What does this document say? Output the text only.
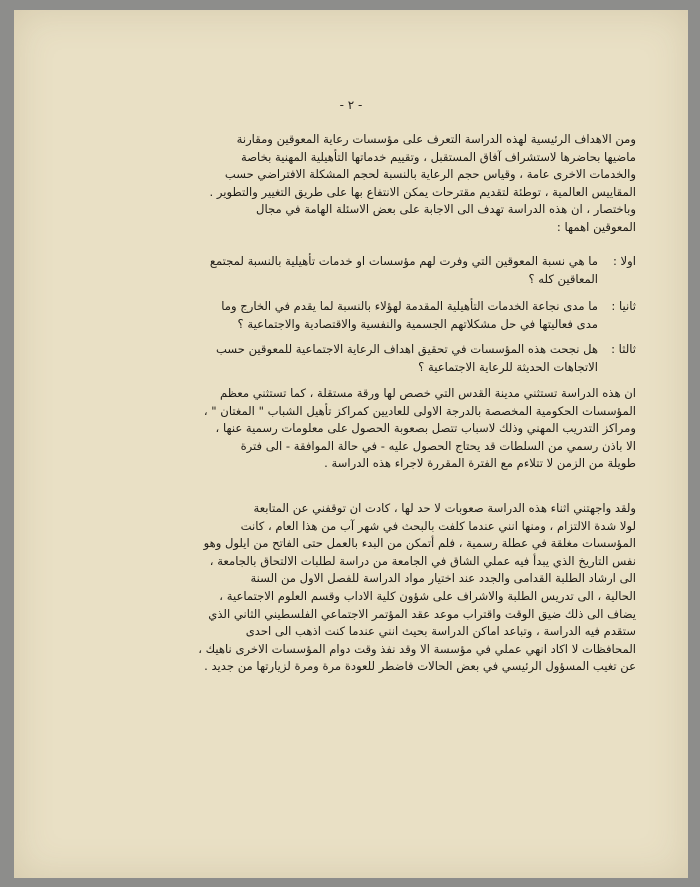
- ٢ -
ومن الاهداف الرئيسية لهذه الدراسة التعرف على مؤسسات رعاية المعوقين ومقارنة
ماضيها بحاضرها لاستشراف آفاق المستقبل ، وتقييم خدماتها التأهيلية المهنية بخاصة
والخدمات الاخرى عامة ، وقياس حجم الرعاية بالنسبة لحجم المشكلة الافتراضي حسب
المقاييس العالمية ، توطئة لتقديم مقترحات يمكن الانتفاع بها على طريق التغيير والتطوير .
وباختصار ، ان هذه الدراسة تهدف الى الاجابة على بعض الاسئلة الهامة في مجال
المعوقين اهمها :
اولا :
ما هي نسبة المعوقين التي وفرت لهم مؤسسات او خدمات تأهيلية بالنسبة لمجتمع
المعاقين كله ؟
ثانيا :
ما مدى نجاعة الخدمات التأهيلية المقدمة لهؤلاء بالنسبة لما يقدم في الخارج وما
مدى فعاليتها في حل مشكلاتهم الجسمية والنفسية والاقتصادية والاجتماعية ؟
ثالثا :
هل نجحت هذه المؤسسات في تحقيق اهداف الرعاية الاجتماعية للمعوقين حسب
الاتجاهات الحديثة للرعاية الاجتماعية ؟
ان هذه الدراسة تستثني مدينة القدس التي خصص لها ورقة مستقلة ، كما تستثني معظم
المؤسسات الحكومية المخصصة بالدرجة الاولى للعاديين كمراكز تأهيل الشباب " المغتان " ،
ومراكز التدريب المهني وذلك لاسباب تتصل بصعوبة الحصول على معلومات رسمية عنها ،
الا باذن رسمي من السلطات قد يحتاج الحصول عليه - في حالة الموافقة - الى فترة
طويلة من الزمن لا تتلاءم مع الفترة المقررة لاجراء هذه الدراسة .
ولقد واجهتني اثناء هذه الدراسة صعوبات لا حد لها ، كادت ان توقفني عن المتابعة
لولا شدة الالتزام ، ومنها انني عندما كلفت بالبحث في شهر آب من هذا العام ، كانت
المؤسسات مغلقة في عطلة رسمية ، فلم أتمكن من البدء بالعمل حتى الفاتح من ايلول وهو
نفس التاريخ الذي يبدأ فيه عملي الشاق في الجامعة من دراسة لطلبات الالتحاق بالجامعة ،
الى ارشاد الطلبة القدامى والجدد عند اختيار مواد الدراسة للفصل الاول من السنة
الحالية ، الى تدريس الطلبة والاشراف على شؤون كلية الاداب وقسم العلوم الاجتماعية ،
يضاف الى ذلك ضيق الوقت واقتراب موعد عقد المؤتمر الاجتماعي الفلسطيني الثاني الذي
ستقدم فيه الدراسة ، وتباعد اماكن الدراسة بحيث انني عندما كنت اذهب الى احدى
المحافظات لا اكاد انهي عملي في مؤسسة الا وقد نفذ وقت دوام المؤسسات الاخرى ناهيك ،
عن تغيب المسؤول الرئيسي في بعض الحالات فاضطر للعودة مرة ومرة لزيارتها من جديد .
